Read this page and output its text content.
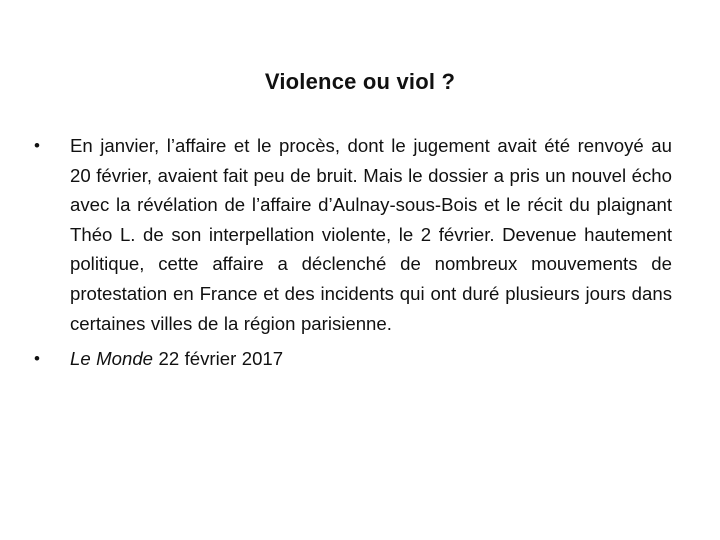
Violence ou viol ?
•	En janvier, l’affaire et le procès, dont le jugement avait été renvoyé au 20 février, avaient fait peu de bruit. Mais le dossier a pris un nouvel écho avec la révélation de l’affaire d’Aulnay-sous-Bois et le récit du plaignant Théo L. de son interpellation violente, le 2 février. Devenue hautement politique, cette affaire a déclenché de nombreux mouvements de protestation en France et des incidents qui ont duré plusieurs jours dans certaines villes de la région parisienne.
•	Le Monde 22 février 2017
